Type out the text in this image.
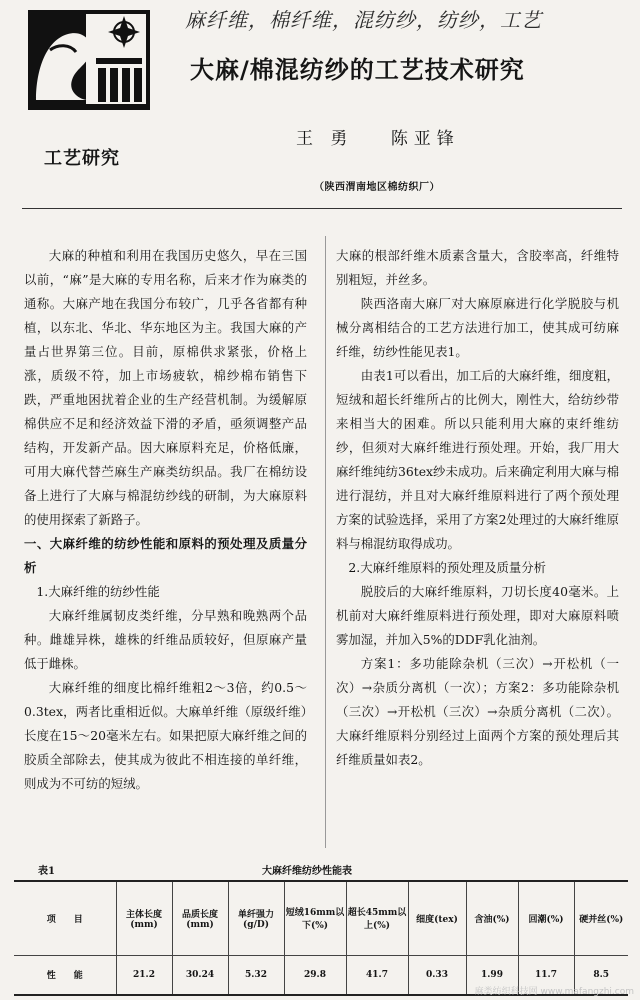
麻纤维，棉纤维，混纺纱，纺纱，工艺
大麻/棉混纺纱的工艺技术研究
工艺研究
王 勇 陈亚锋
（陕西渭南地区棉纺织厂）

大麻的种植和利用在我国历史悠久，早在三国以前，“麻”是大麻的专用名称，后来才作为麻类的通称。大麻产地在我国分布较广，几乎各省都有种植，以东北、华北、华东地区为主。我国大麻的产量占世界第三位。目前，原棉供求紧张，价格上涨，质级不符，加上市场疲软，棉纱棉布销售下跌，严重地困扰着企业的生产经营机制。为缓解原棉供应不足和经济效益下滑的矛盾，亟须调整产品结构，开发新产品。因大麻原料充足，价格低廉，可用大麻代替苎麻生产麻类纺织品。我厂在棉纺设备上进行了大麻与棉混纺纱线的研制，为大麻原料的使用探索了新路子。

一、大麻纤维的纺纱性能和原料的预处理及质量分析

1.大麻纤维的纺纱性能

大麻纤维属韧皮类纤维，分早熟和晚熟两个品种。雌雄异株，雄株的纤维品质较好，但原麻产量低于雌株。

大麻纤维的细度比棉纤维粗2～3倍，约0.5～0.3tex，两者比重相近似。大麻单纤维（原级纤维）长度在15～20毫米左右。如果把原大麻纤维之间的胶质全部除去，使其成为彼此不相连接的单纤维，则成为不可纺的短绒。

大麻的根部纤维木质素含量大，含胶率高，纤维特别粗短，并丝多。

陕西洛南大麻厂对大麻原麻进行化学脱胶与机械分离相结合的工艺方法进行加工，使其成可纺麻纤维，纺纱性能见表1。

由表1可以看出，加工后的大麻纤维，细度粗，短绒和超长纤维所占的比例大，刚性大，给纺纱带来相当大的困难。所以只能利用大麻的束纤维纺纱，但须对大麻纤维进行预处理。开始，我厂用大麻纤维纯纺36tex纱未成功。后来确定利用大麻与棉进行混纺，并且对大麻纤维原料进行了两个预处理方案的试验选择，采用了方案2处理过的大麻纤维原料与棉混纺取得成功。

2.大麻纤维原料的预处理及质量分析

脱胶后的大麻纤维原料，刀切长度40毫米。上机前对大麻纤维原料进行预处理，即对大麻原料喷雾加湿，并加入5%的DDF乳化油剂。

方案1：多功能除杂机（三次）→开松机（一次）→杂质分离机（一次）；方案2：多功能除杂机（三次）→开松机（三次）→杂质分离机（二次）。大麻纤维原料分别经过上面两个方案的预处理后其纤维质量如表2。

表1	大麻纤维纺纱性能表
项　　目	主体长度(mm)	品质长度(mm)	单纤强力(g/D)	短绒16mm以下(%)	超长45mm以上(%)	细度(tex)	含油(%)	回潮(%)	硬并丝(%)
性　　能	21.2	30.24	5.32	29.8	41.7	0.33	1.99	11.7	8.5
麻类纺织科技网 www.mafangzhi.com
